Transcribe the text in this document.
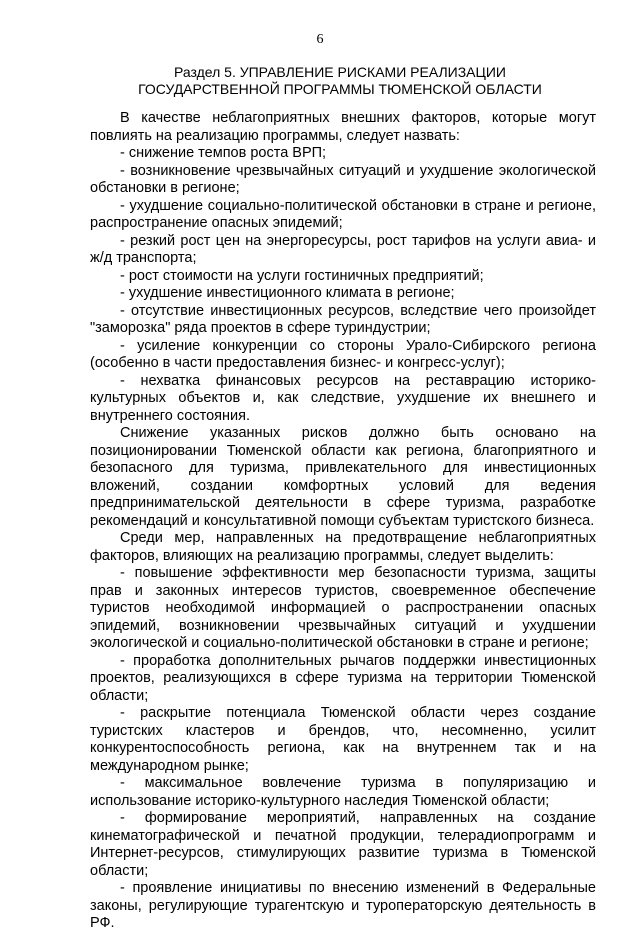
6
Раздел 5. УПРАВЛЕНИЕ РИСКАМИ РЕАЛИЗАЦИИ
ГОСУДАРСТВЕННОЙ ПРОГРАММЫ ТЮМЕНСКОЙ ОБЛАСТИ

В качестве неблагоприятных внешних факторов, которые могут повлиять на реализацию программы, следует назвать:

- снижение темпов роста ВРП;

- возникновение чрезвычайных ситуаций и ухудшение экологической обстановки в регионе;

- ухудшение социально-политической обстановки в стране и регионе, распространение опасных эпидемий;

- резкий рост цен на энергоресурсы, рост тарифов на услуги авиа- и ж/д транспорта;

- рост стоимости на услуги гостиничных предприятий;

- ухудшение инвестиционного климата в регионе;

- отсутствие инвестиционных ресурсов, вследствие чего произойдет "заморозка" ряда проектов в сфере туриндустрии;

- усиление конкуренции со стороны Урало-Сибирского региона (особенно в части предоставления бизнес- и конгресс-услуг);

- нехватка финансовых ресурсов на реставрацию историко-культурных объектов и, как следствие, ухудшение их внешнего и внутреннего состояния.

Снижение указанных рисков должно быть основано на позиционировании Тюменской области как региона, благоприятного и безопасного для туризма, привлекательного для инвестиционных вложений, создании комфортных условий для ведения предпринимательской деятельности в сфере туризма, разработке рекомендаций и консультативной помощи субъектам туристского бизнеса.

Среди мер, направленных на предотвращение неблагоприятных факторов, влияющих на реализацию программы, следует выделить:

- повышение эффективности мер безопасности туризма, защиты прав и законных интересов туристов, своевременное обеспечение туристов необходимой информацией о распространении опасных эпидемий, возникновении чрезвычайных ситуаций и ухудшении экологической и социально-политической обстановки в стране и регионе;

- проработка дополнительных рычагов поддержки инвестиционных проектов, реализующихся в сфере туризма на территории Тюменской области;

- раскрытие потенциала Тюменской области через создание туристских кластеров и брендов, что, несомненно, усилит конкурентоспособность региона, как на внутреннем так и на международном рынке;

- максимальное вовлечение туризма в популяризацию и использование историко-культурного наследия Тюменской области;

- формирование мероприятий, направленных на создание кинематографической и печатной продукции, телерадиопрограмм и Интернет-ресурсов, стимулирующих развитие туризма в Тюменской области;

- проявление инициативы по внесению изменений в Федеральные законы, регулирующие турагентскую и туроператорскую деятельность в РФ.
